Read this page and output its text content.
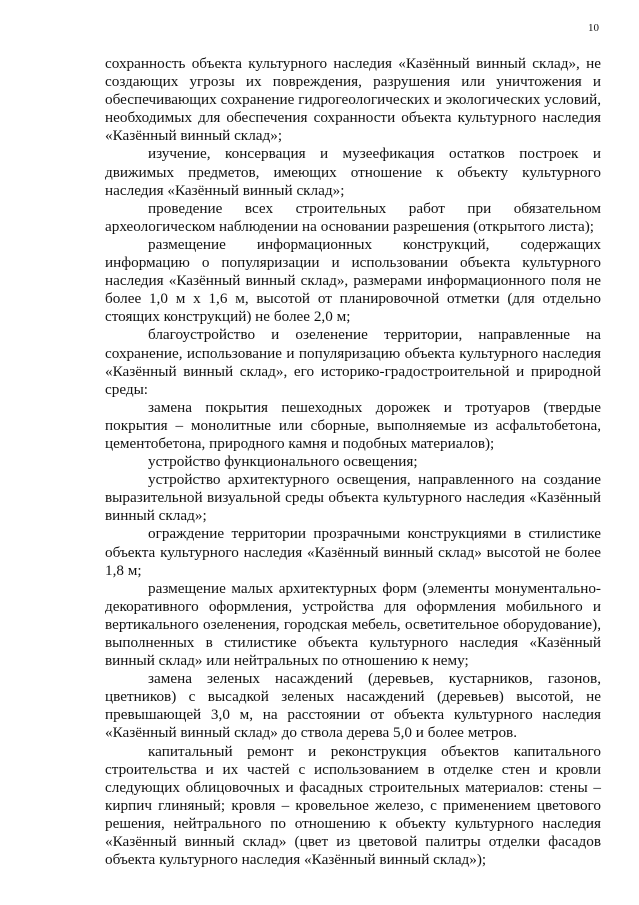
10

сохранность объекта культурного наследия «Казённый винный склад», не создающих угрозы их повреждения, разрушения или уничтожения и обеспечивающих сохранение гидрогеологических и экологических условий, необходимых для обеспечения сохранности объекта культурного наследия «Казённый винный склад»;

изучение, консервация и музеефикация остатков построек и движимых предметов, имеющих отношение к объекту культурного наследия «Казённый винный склад»;

проведение всех строительных работ при обязательном археологическом наблюдении на основании разрешения (открытого листа);

размещение информационных конструкций, содержащих информацию о популяризации и использовании объекта культурного наследия «Казённый винный склад», размерами информационного поля не более 1,0 м х 1,6 м, высотой от планировочной отметки (для отдельно стоящих конструкций) не более 2,0 м;

благоустройство и озеленение территории, направленные на сохранение, использование и популяризацию объекта культурного наследия «Казённый винный склад», его историко-градостроительной и природной среды:

замена покрытия пешеходных дорожек и тротуаров (твердые покрытия – монолитные или сборные, выполняемые из асфальтобетона, цементобетона, природного камня и подобных материалов);

устройство функционального освещения;

устройство архитектурного освещения, направленного на создание выразительной визуальной среды объекта культурного наследия «Казённый винный склад»;

ограждение территории прозрачными конструкциями в стилистике объекта культурного наследия «Казённый винный склад» высотой не более 1,8 м;

размещение малых архитектурных форм (элементы монументально-декоративного оформления, устройства для оформления мобильного и вертикального озеленения, городская мебель, осветительное оборудование), выполненных в стилистике объекта культурного наследия «Казённый винный склад» или нейтральных по отношению к нему;

замена зеленых насаждений (деревьев, кустарников, газонов, цветников) с высадкой зеленых насаждений (деревьев) высотой, не превышающей 3,0 м, на расстоянии от объекта культурного наследия «Казённый винный склад» до ствола дерева 5,0 и более метров.

капитальный ремонт и реконструкция объектов капитального строительства и их частей с использованием в отделке стен и кровли следующих облицовочных и фасадных строительных материалов: стены – кирпич глиняный; кровля – кровельное железо, с применением цветового решения, нейтрального по отношению к объекту культурного наследия «Казённый винный склад» (цвет из цветовой палитры отделки фасадов объекта культурного наследия «Казённый винный склад»);
